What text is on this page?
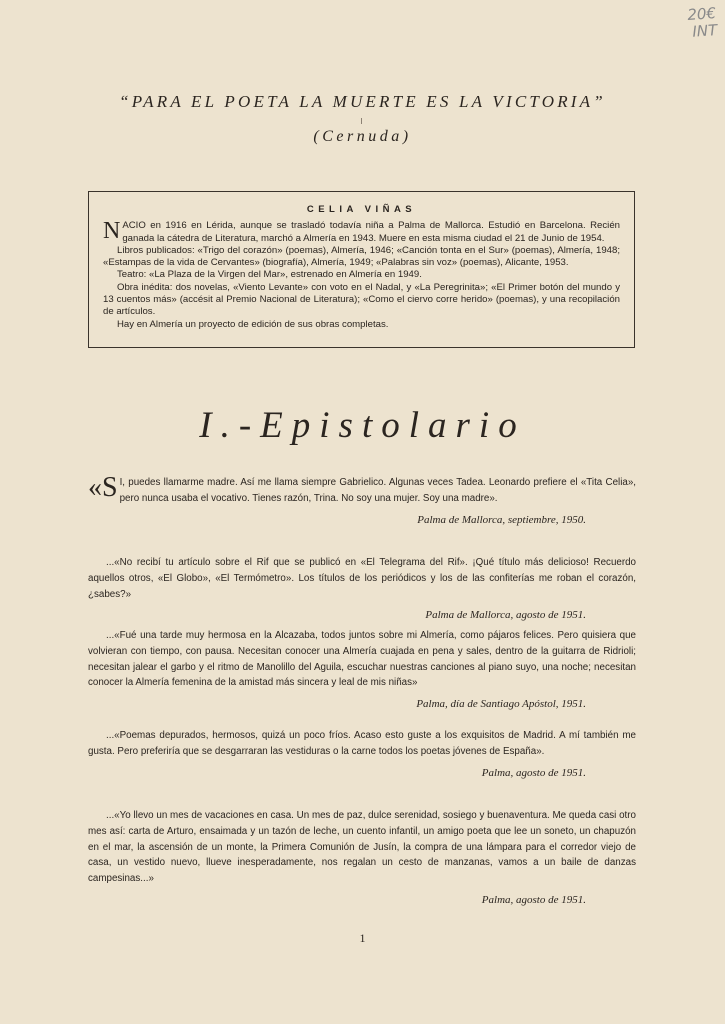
20€
INT
“PARA EL POETA LA MUERTE ES LA VICTORIA”
(Cernuda)
CELIA VIÑAS

NACIO en 1916 en Lérida, aunque se trasladó todavía niña a Palma de Mallorca. Estudió en Barcelona. Recién ganada la cátedra de Literatura, marchó a Almería en 1943. Muere en esta misma ciudad el 21 de Junio de 1954.

Libros publicados: «Trigo del corazón» (poemas), Almería, 1946; «Canción tonta en el Sur» (poemas), Almería, 1948; «Estampas de la vida de Cervantes» (biografía), Almería, 1949; «Palabras sin voz» (poemas), Alicante, 1953.

Teatro: «La Plaza de la Virgen del Mar», estrenado en Almería en 1949.

Obra inédita: dos novelas, «Viento Levante» con voto en el Nadal, y «La Peregrinita»; «El Primer botón del mundo y 13 cuentos más» (accésit al Premio Nacional de Literatura); «Como el ciervo corre herido» (poemas), y una recopilación de artículos.

Hay en Almería un proyecto de edición de sus obras completas.

I.-Epistolario

«S I, puedes llamarme madre. Así me llama siempre Gabrielico. Algunas veces Tadea. Leonardo prefiere el «Tita Celia», pero nunca usaba el vocativo. Tienes razón, Trina. No soy una mujer. Soy una madre».

Palma de Mallorca, septiembre, 1950.

...«No recibí tu artículo sobre el Rif que se publicó en «El Telegrama del Rif». ¡Qué título más delicioso! Recuerdo aquellos otros, «El Globo», «El Termómetro». Los títulos de los periódicos y los de las confiterías me roban el corazón, ¿sabes?»

Palma de Mallorca, agosto de 1951.

...«Fué una tarde muy hermosa en la Alcazaba, todos juntos sobre mi Almería, como pájaros felices. Pero quisiera que volvieran con tiempo, con pausa. Necesitan conocer una Almería cuajada en pena y sales, dentro de la guitarra de Ridrioli; necesitan jalear el garbo y el ritmo de Manolillo del Aguila, escuchar nuestras canciones al piano suyo, una noche; necesitan conocer la Almería femenina de la amistad más sincera y leal de mis niñas»

Palma, día de Santiago Apóstol, 1951.

...«Poemas depurados, hermosos, quizá un poco fríos. Acaso esto guste a los exquisitos de Madrid. A mí también me gusta. Pero preferiría que se desgarraran las vestiduras o la carne todos los poetas jóvenes de España».

Palma, agosto de 1951.

...«Yo llevo un mes de vacaciones en casa. Un mes de paz, dulce serenidad, sosiego y buenaventura. Me queda casi otro mes así: carta de Arturo, ensaimada y un tazón de leche, un cuento infantil, un amigo poeta que lee un soneto, un chapuzón en el mar, la ascensión de un monte, la Primera Comunión de Jusín, la compra de una lámpara para el corredor viejo de casa, un vestido nuevo, llueve inesperadamente, nos regalan un cesto de manzanas, vamos a un baile de danzas campesinas...»

Palma, agosto de 1951.

1
